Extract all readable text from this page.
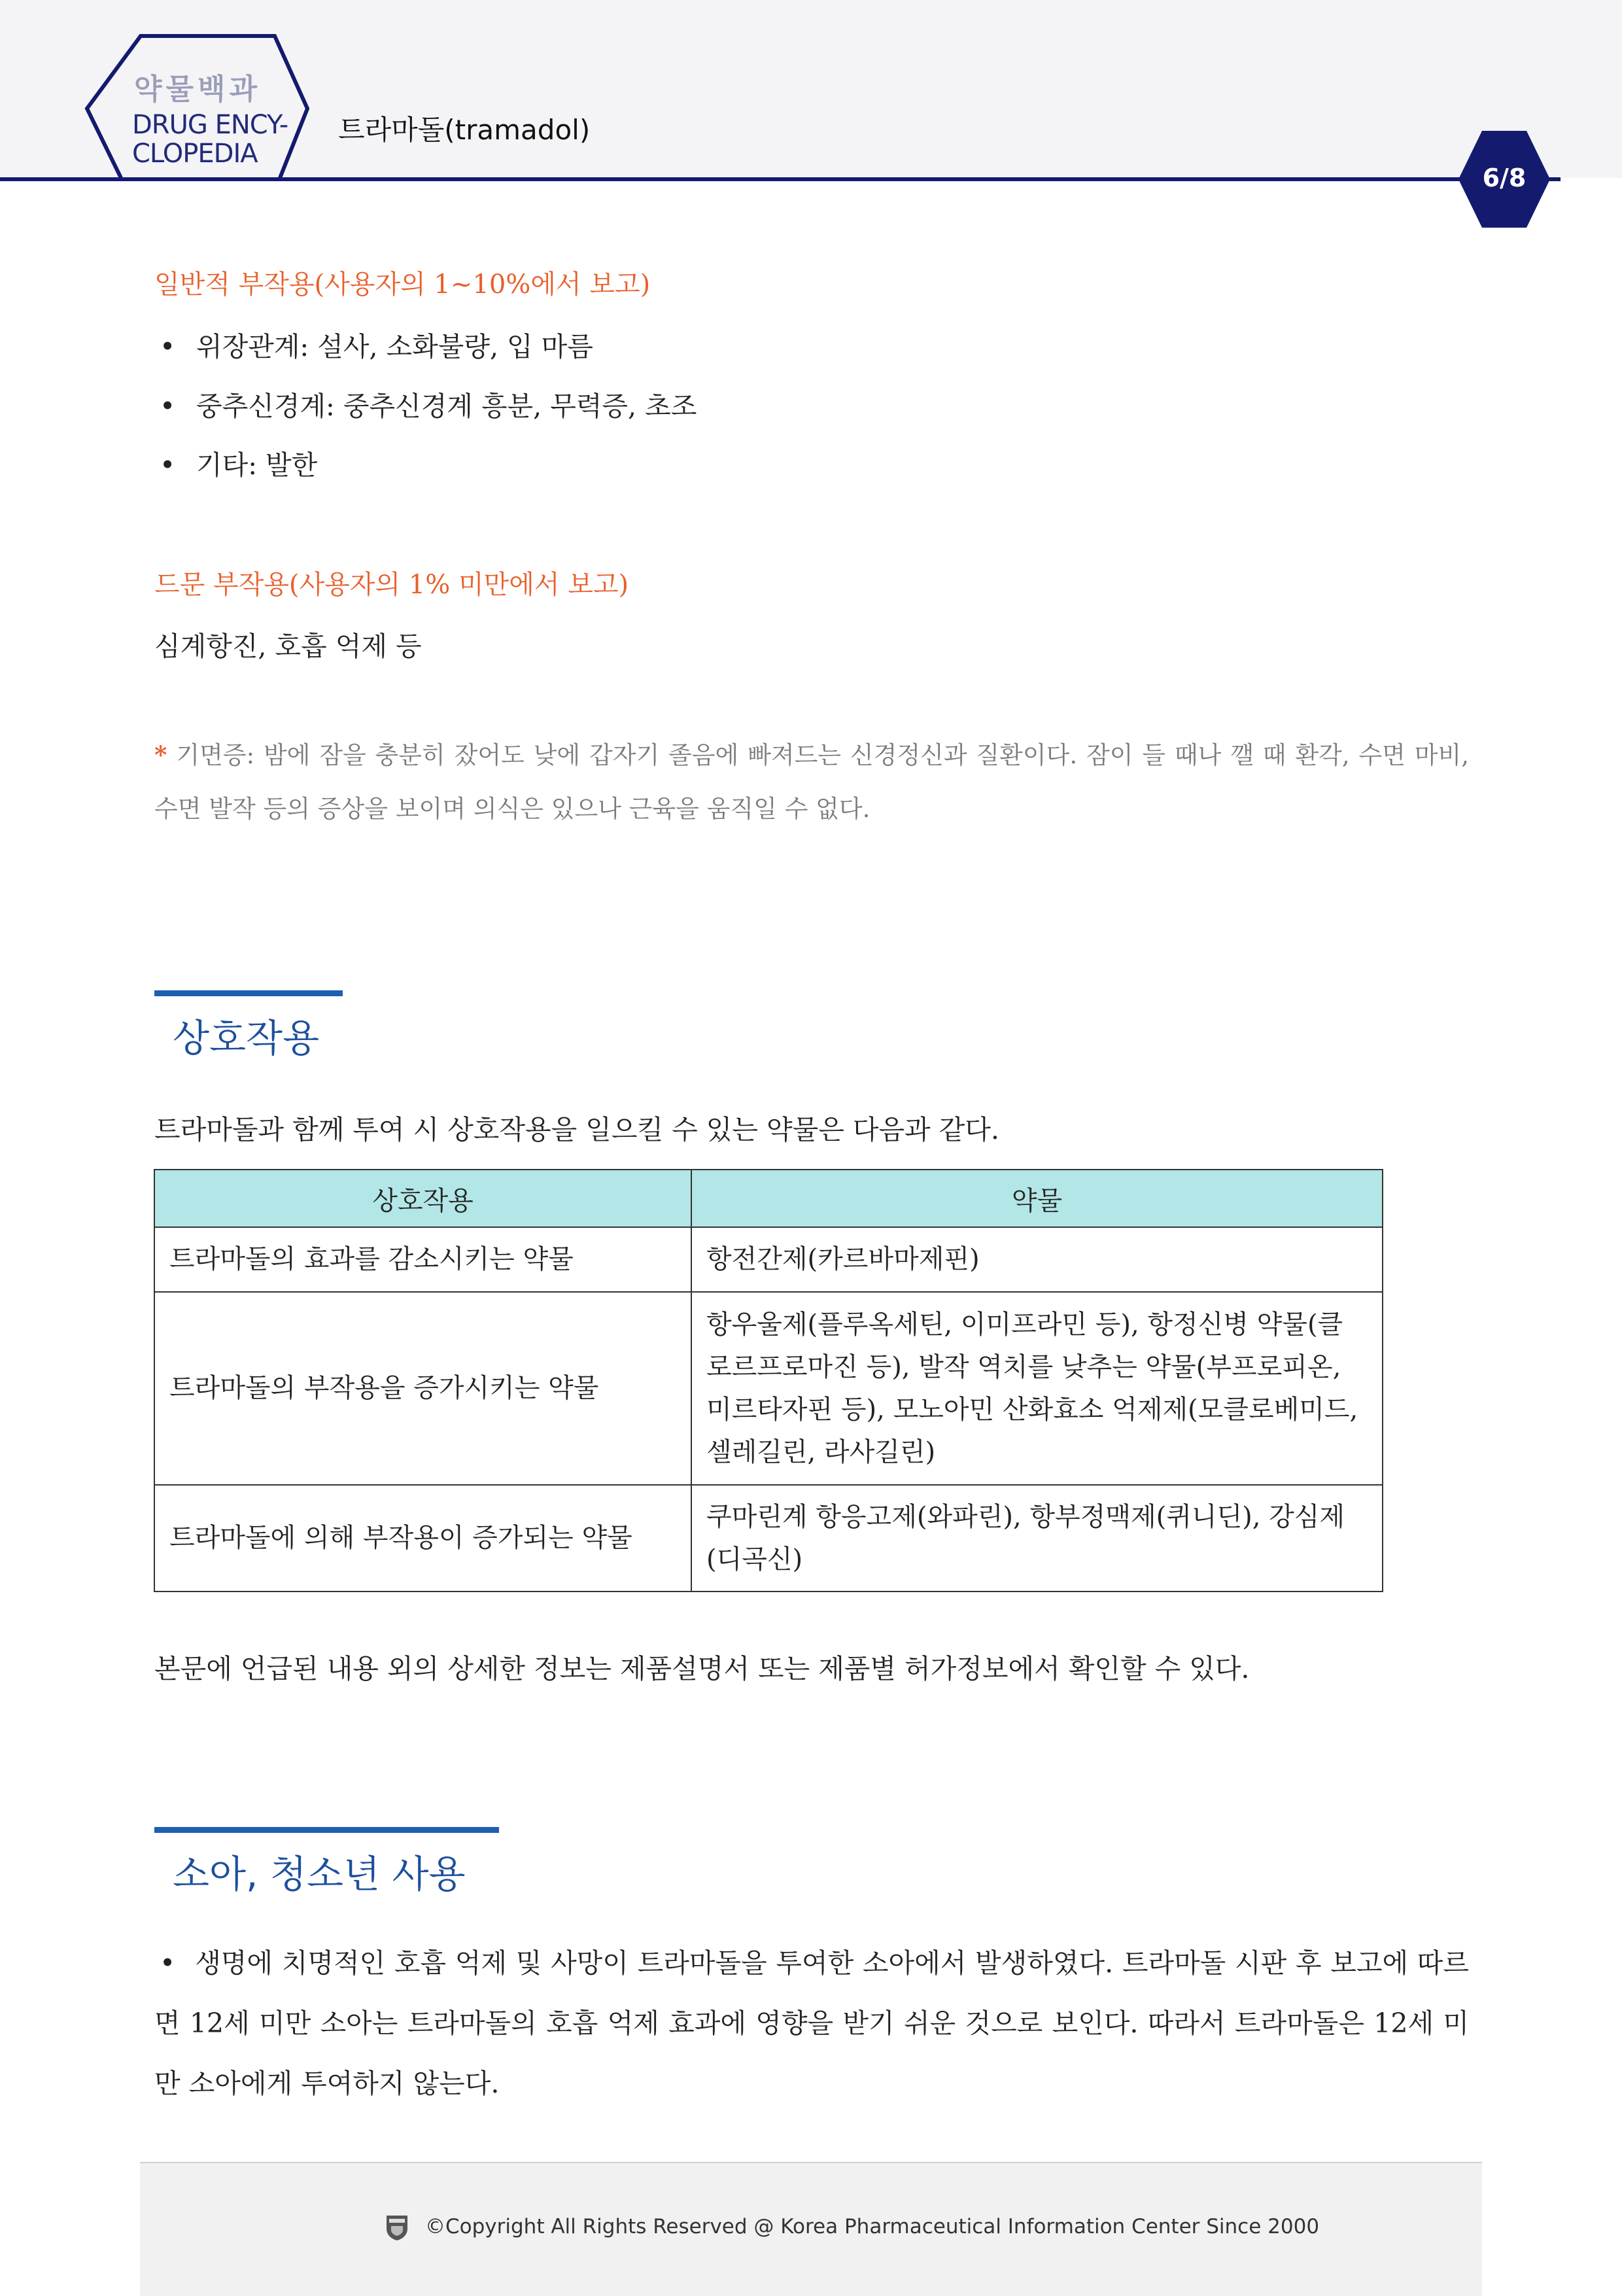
약물백과
DRUG ENCY-
CLOPEDIA
트라마돌(tramadol)
6/8
일반적 부작용(사용자의 1~10%에서 보고)
• 위장관계: 설사, 소화불량, 입 마름
• 중추신경계: 중추신경계 흥분, 무력증, 초조
• 기타: 발한
드문 부작용(사용자의 1% 미만에서 보고)
심계항진, 호흡 억제 등
* 기면증: 밤에 잠을 충분히 잤어도 낮에 갑자기 졸음에 빠져드는 신경정신과 질환이다. 잠이 들 때나 깰 때 환각, 수면 마비, 수면 발작 등의 증상을 보이며 의식은 있으나 근육을 움직일 수 없다.
상호작용
트라마돌과 함께 투여 시 상호작용을 일으킬 수 있는 약물은 다음과 같다.
상호작용	약물
트라마돌의 효과를 감소시키는 약물	항전간제(카르바마제핀)
트라마돌의 부작용을 증가시키는 약물	항우울제(플루옥세틴, 이미프라민 등), 항정신병 약물(클로르프로마진 등), 발작 역치를 낮추는 약물(부프로피온, 미르타자핀 등), 모노아민 산화효소 억제제(모클로베미드, 셀레길린, 라사길린)
트라마돌에 의해 부작용이 증가되는 약물	쿠마린계 항응고제(와파린), 항부정맥제(퀴니딘), 강심제(디곡신)
본문에 언급된 내용 외의 상세한 정보는 제품설명서 또는 제품별 허가정보에서 확인할 수 있다.
소아, 청소년 사용
• 생명에 치명적인 호흡 억제 및 사망이 트라마돌을 투여한 소아에서 발생하였다. 트라마돌 시판 후 보고에 따르면 12세 미만 소아는 트라마돌의 호흡 억제 효과에 영향을 받기 쉬운 것으로 보인다. 따라서 트라마돌은 12세 미만 소아에게 투여하지 않는다.
©Copyright All Rights Reserved @ Korea Pharmaceutical Information Center Since 2000
